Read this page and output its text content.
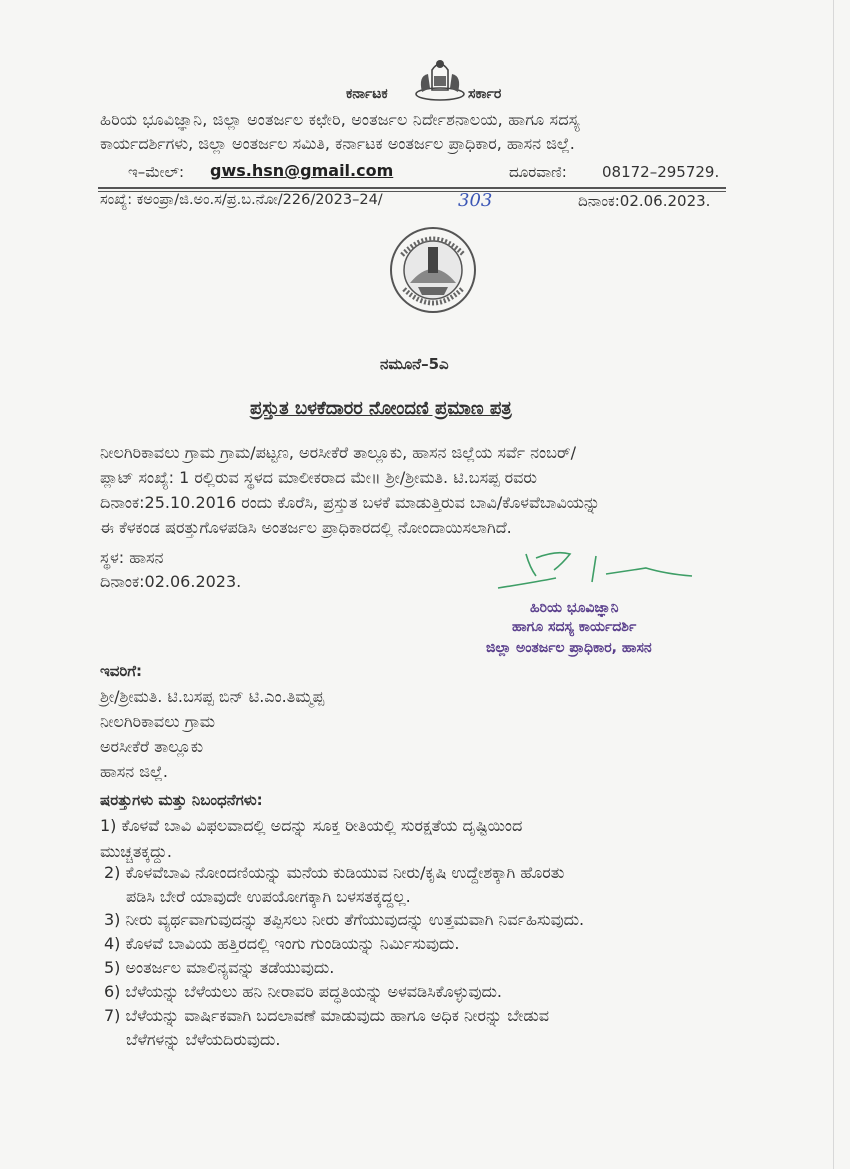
ಕರ್ನಾಟಕ	ಸರ್ಕಾರ
ಹಿರಿಯ ಭೂವಿಜ್ಞಾನಿ, ಜಿಲ್ಲಾ ಅಂತರ್ಜಲ ಕಛೇರಿ, ಅಂತರ್ಜಲ ನಿರ್ದೇಶನಾಲಯ, ಹಾಗೂ ಸದಸ್ಯ
ಕಾರ್ಯದರ್ಶಿಗಳು, ಜಿಲ್ಲಾ ಅಂತರ್ಜಲ ಸಮಿತಿ, ಕರ್ನಾಟಕ ಅಂತರ್ಜಲ ಪ್ರಾಧಿಕಾರ, ಹಾಸನ ಜಿಲ್ಲೆ.
ಇ–ಮೇಲ್: gws.hsn@gmail.com	ದೂರವಾಣಿ: 08172–295729.
ಸಂಖ್ಯೆ: ಕಅಂಪ್ರಾ/ಜಿ.ಅಂ.ಸ/ಪ್ರ.ಬ.ನೋ/226/2023–24/	303	ದಿನಾಂಕ:02.06.2023.
ನಮೂನೆ–5ಎ
ಪ್ರಸ್ತುತ ಬಳಕೆದಾರರ ನೋಂದಣಿ ಪ್ರಮಾಣ ಪತ್ರ
ನೀಲಗಿರಿಕಾವಲು ಗ್ರಾಮ ಗ್ರಾಮ/ಪಟ್ಟಣ, ಅರಸೀಕೆರೆ ತಾಲ್ಲೂಕು, ಹಾಸನ ಜಿಲ್ಲೆಯ ಸರ್ವೆ ನಂಬರ್/
ಪ್ಲಾಟ್ ಸಂಖ್ಯೆ: 1 ರಲ್ಲಿರುವ ಸ್ಥಳದ ಮಾಲೀಕರಾದ ಮೇ॥ ಶ್ರೀ/ಶ್ರೀಮತಿ. ಟಿ.ಬಸಪ್ಪ ರವರು
ದಿನಾಂಕ:25.10.2016 ರಂದು ಕೊರೆಸಿ, ಪ್ರಸ್ತುತ ಬಳಕೆ ಮಾಡುತ್ತಿರುವ ಬಾವಿ/ಕೊಳವೆಬಾವಿಯನ್ನು
ಈ ಕೆಳಕಂಡ ಷರತ್ತುಗೊಳಪಡಿಸಿ ಅಂತರ್ಜಲ ಪ್ರಾಧಿಕಾರದಲ್ಲಿ ನೋಂದಾಯಿಸಲಾಗಿದೆ.
ಸ್ಥಳ: ಹಾಸನ
ದಿನಾಂಕ:02.06.2023.
ಹಿರಿಯ ಭೂವಿಜ್ಞಾನಿ
ಹಾಗೂ ಸದಸ್ಯ ಕಾರ್ಯದರ್ಶಿ
ಜಿಲ್ಲಾ ಅಂತರ್ಜಲ ಪ್ರಾಧಿಕಾರ, ಹಾಸನ
ಇವರಿಗೆ:
ಶ್ರೀ/ಶ್ರೀಮತಿ. ಟಿ.ಬಸಪ್ಪ ಬಿನ್ ಟಿ.ಎಂ.ತಿಮ್ಮಪ್ಪ
ನೀಲಗಿರಿಕಾವಲು ಗ್ರಾಮ
ಅರಸೀಕೆರೆ ತಾಲ್ಲೂಕು
ಹಾಸನ ಜಿಲ್ಲೆ.
ಷರತ್ತುಗಳು ಮತ್ತು ನಿಬಂಧನೆಗಳು:
1) ಕೊಳವೆ ಬಾವಿ ವಿಫಲವಾದಲ್ಲಿ ಅದನ್ನು ಸೂಕ್ತ ರೀತಿಯಲ್ಲಿ ಸುರಕ್ಷತೆಯ ದೃಷ್ಟಿಯಿಂದ
ಮುಚ್ಚತಕ್ಕದ್ದು.
2) ಕೊಳವೆಬಾವಿ ನೋಂದಣಿಯನ್ನು ಮನೆಯ ಕುಡಿಯುವ ನೀರು/ಕೃಷಿ ಉದ್ದೇಶಕ್ಕಾಗಿ ಹೊರತು
ಪಡಿಸಿ ಬೇರೆ ಯಾವುದೇ ಉಪಯೋಗಕ್ಕಾಗಿ ಬಳಸತಕ್ಕದ್ದಲ್ಲ.
3) ನೀರು ವ್ಯರ್ಥವಾಗುವುದನ್ನು ತಪ್ಪಿಸಲು ನೀರು ತೆಗೆಯುವುದನ್ನು ಉತ್ತಮವಾಗಿ ನಿರ್ವಹಿಸುವುದು.
4) ಕೊಳವೆ ಬಾವಿಯ ಹತ್ತಿರದಲ್ಲಿ ಇಂಗು ಗುಂಡಿಯನ್ನು ನಿರ್ಮಿಸುವುದು.
5) ಅಂತರ್ಜಲ ಮಾಲಿನ್ಯವನ್ನು ತಡೆಯುವುದು.
6) ಬೆಳೆಯನ್ನು ಬೆಳೆಯಲು ಹನಿ ನೀರಾವರಿ ಪದ್ಧತಿಯನ್ನು ಅಳವಡಿಸಿಕೊಳ್ಳುವುದು.
7) ಬೆಳೆಯನ್ನು ವಾರ್ಷಿಕವಾಗಿ ಬದಲಾವಣೆ ಮಾಡುವುದು ಹಾಗೂ ಅಧಿಕ ನೀರನ್ನು ಬೇಡುವ
ಬೆಳೆಗಳನ್ನು ಬೆಳೆಯದಿರುವುದು.
